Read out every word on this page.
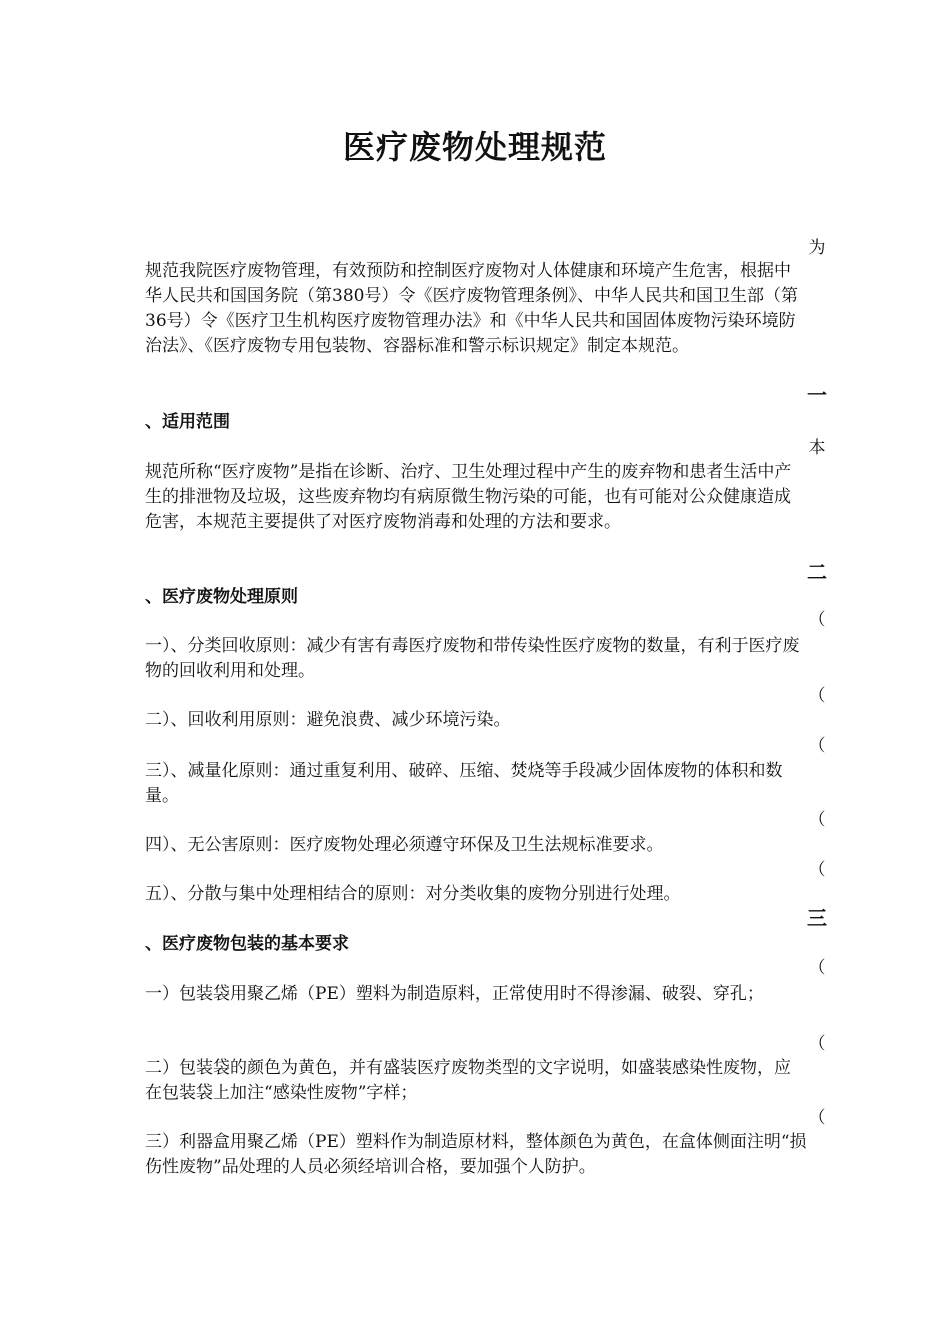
医疗废物处理规范
为
一
本
二
（
（
（
（
（
三
（
（
（

规范我院医疗废物管理，有效预防和控制医疗废物对人体健康和环境产生危害，根据中华人民共和国国务院（第380号）令《医疗废物管理条例》、中华人民共和国卫生部（第36号）令《医疗卫生机构医疗废物管理办法》和《中华人民共和国固体废物污染环境防治法》、《医疗废物专用包装物、容器标准和警示标识规定》制定本规范。

、适用范围

规范所称“医疗废物”是指在诊断、治疗、卫生处理过程中产生的废弃物和患者生活中产生的排泄物及垃圾，这些废弃物均有病原微生物污染的可能，也有可能对公众健康造成危害，本规范主要提供了对医疗废物消毒和处理的方法和要求。

、医疗废物处理原则

一）、分类回收原则：减少有害有毒医疗废物和带传染性医疗废物的数量，有利于医疗废物的回收利用和处理。

二）、回收利用原则：避免浪费、减少环境污染。

三）、减量化原则：通过重复利用、破碎、压缩、焚烧等手段减少固体废物的体积和数量。

四）、无公害原则：医疗废物处理必须遵守环保及卫生法规标准要求。

五）、分散与集中处理相结合的原则：对分类收集的废物分别进行处理。

、医疗废物包装的基本要求

一）包装袋用聚乙烯（PE）塑料为制造原料，正常使用时不得渗漏、破裂、穿孔；

二）包装袋的颜色为黄色，并有盛装医疗废物类型的文字说明，如盛装感染性废物，应在包装袋上加注“感染性废物”字样；

三）利器盒用聚乙烯（PE）塑料作为制造原材料，整体颜色为黄色，在盒体侧面注明“损伤性废物”品处理的人员必须经培训合格，要加强个人防护。
